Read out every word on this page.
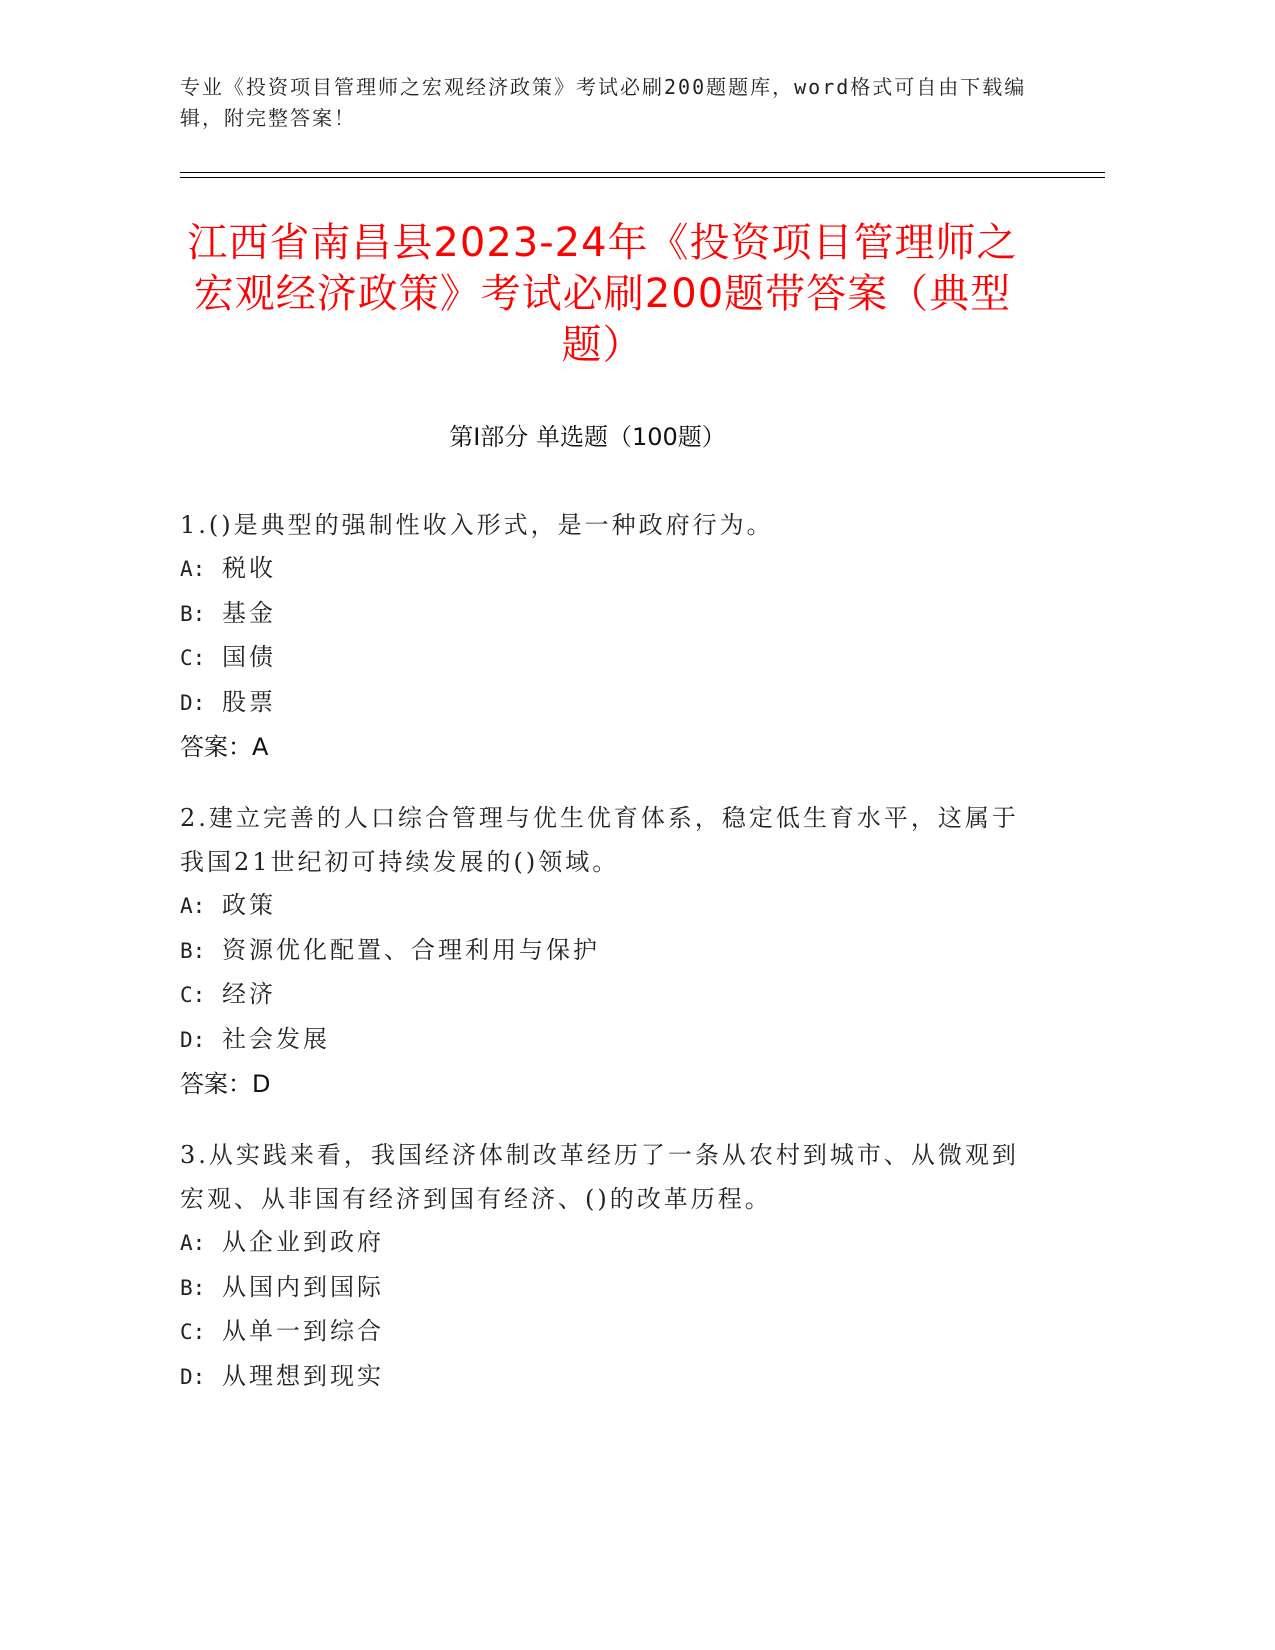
专业《投资项目管理师之宏观经济政策》考试必刷200题题库，word格式可自由下载编辑，附完整答案！
江西省南昌县2023-24年《投资项目管理师之宏观经济政策》考试必刷200题带答案（典型题）
第I部分 单选题（100题）
1.()是典型的强制性收入形式，是一种政府行为。
A: 税收
B: 基金
C: 国债
D: 股票
答案：A
2.建立完善的人口综合管理与优生优育体系，稳定低生育水平，这属于我国21世纪初可持续发展的()领域。
A: 政策
B: 资源优化配置、合理利用与保护
C: 经济
D: 社会发展
答案：D
3.从实践来看，我国经济体制改革经历了一条从农村到城市、从微观到宏观、从非国有经济到国有经济、()的改革历程。
A: 从企业到政府
B: 从国内到国际
C: 从单一到综合
D: 从理想到现实
